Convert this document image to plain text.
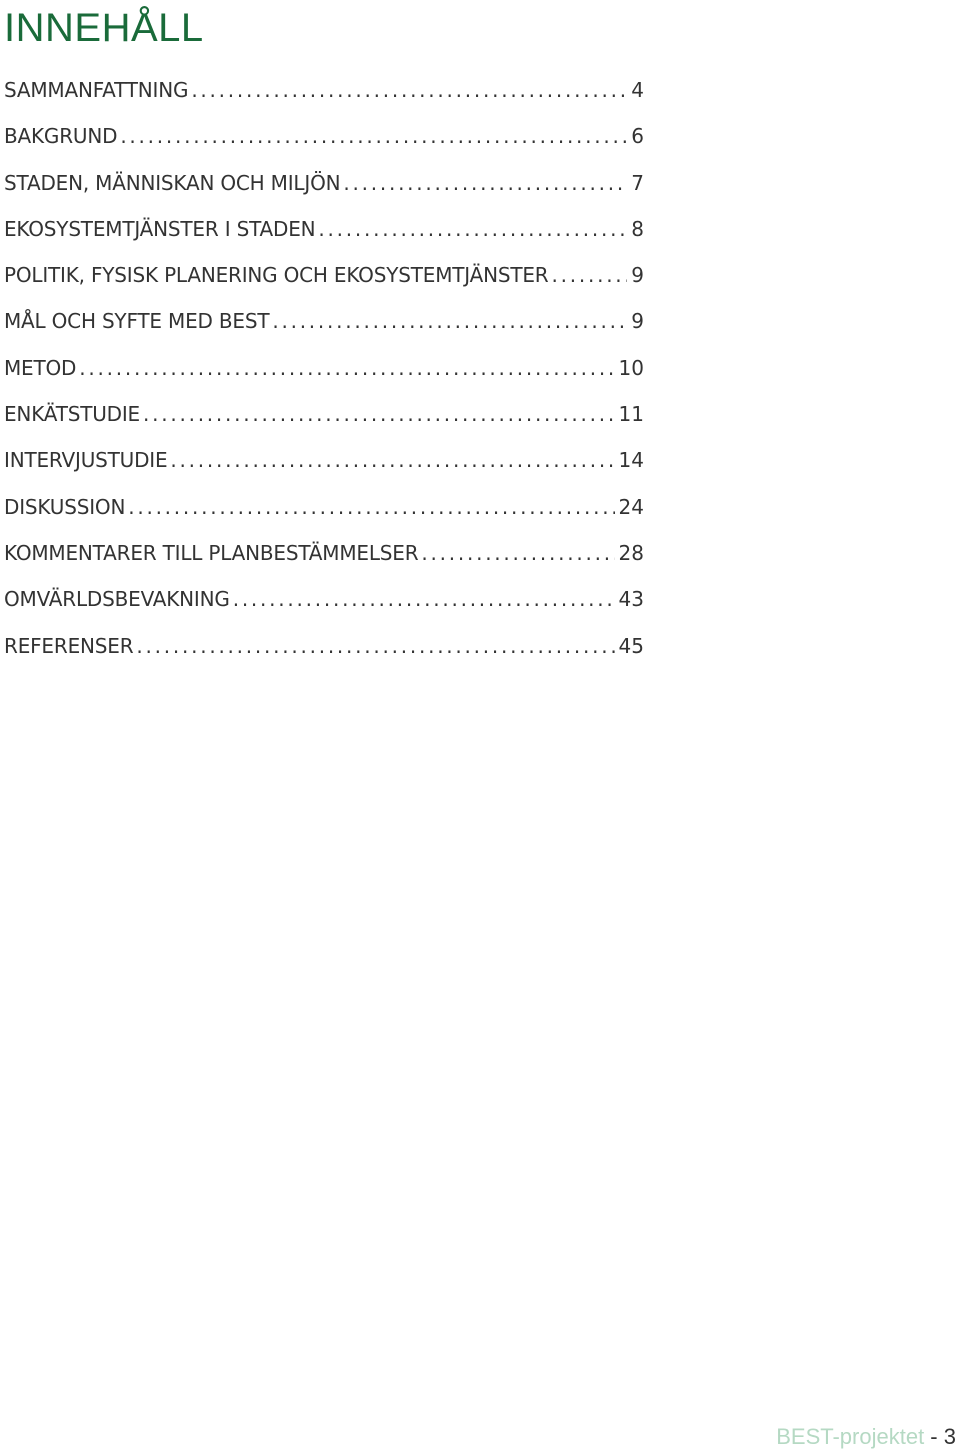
INNEHÅLL
SAMMANFATTNING . . .	4
BAKGRUND . . .	6
STADEN, MÄNNISKAN OCH MILJÖN . . .	7
EKOSYSTEMTJÄNSTER I STADEN . . .	8
POLITIK, FYSISK PLANERING OCH EKOSYSTEMTJÄNSTER . . .	9
MÅL OCH SYFTE MED BEST . . .	9
METOD . . .	10
ENKÄTSTUDIE . . .	11
INTERVJUSTUDIE . . .	14
DISKUSSION . . .	24
KOMMENTARER TILL PLANBESTÄMMELSER . . .	28
OMVÄRLDSBEVAKNING . . .	43
REFERENSER . . .	45
BEST-projektet - 3
